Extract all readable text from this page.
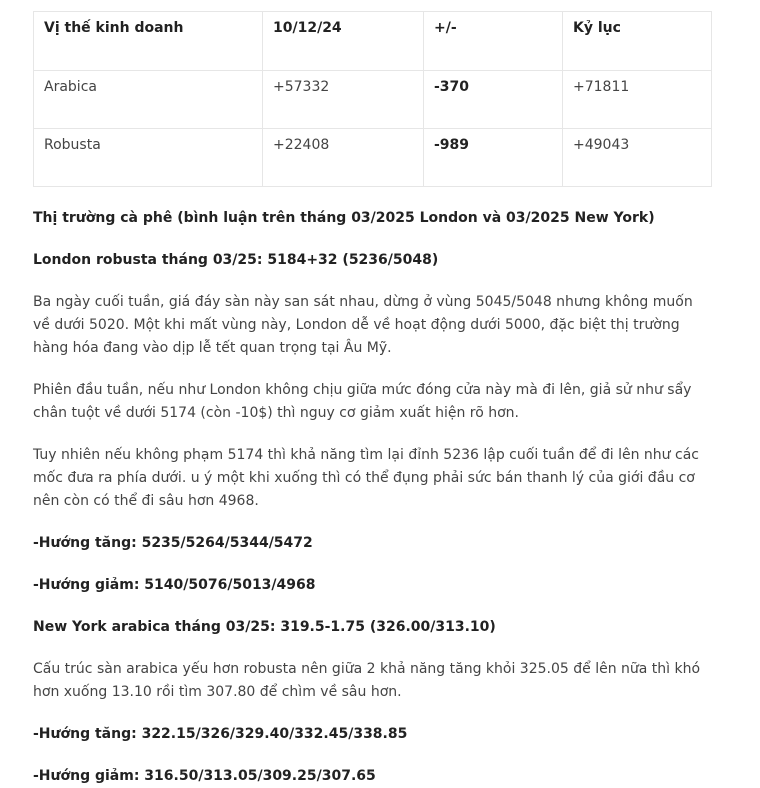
Vị thế kinh doanh	10/12/24	+/-	Kỷ lục
Arabica	+57332	-370	+71811
Robusta	+22408	-989	+49043

Thị trường cà phê (bình luận trên tháng 03/2025 London và 03/2025 New York)

London robusta tháng 03/25: 5184+32 (5236/5048)

Ba ngày cuối tuần, giá đáy sàn này san sát nhau, dừng ở vùng 5045/5048 nhưng không muốn về dưới 5020. Một khi mất vùng này, London dễ về hoạt động dưới 5000, đặc biệt thị trường hàng hóa đang vào dịp lễ tết quan trọng tại Âu Mỹ.

Phiên đầu tuần, nếu như London không chịu giữa mức đóng cửa này mà đi lên, giả sử như sẩy chân tuột về dưới 5174 (còn -10$) thì nguy cơ giảm xuất hiện rõ hơn.

Tuy nhiên nếu không phạm 5174 thì khả năng tìm lại đỉnh 5236 lập cuối tuần để đi lên như các mốc đưa ra phía dưới. u ý một khi xuống thì có thể đụng phải sức bán thanh lý của giới đầu cơ nên còn có thể đi sâu hơn 4968.

-Hướng tăng: 5235/5264/5344/5472

-Hướng giảm: 5140/5076/5013/4968

New York arabica tháng 03/25: 319.5-1.75 (326.00/313.10)

Cấu trúc sàn arabica yếu hơn robusta nên giữa 2 khả năng tăng khỏi 325.05 để lên nữa thì khó hơn xuống 13.10 rồi tìm 307.80 để chìm về sâu hơn.

-Hướng tăng: 322.15/326/329.40/332.45/338.85

-Hướng giảm: 316.50/313.05/309.25/307.65
